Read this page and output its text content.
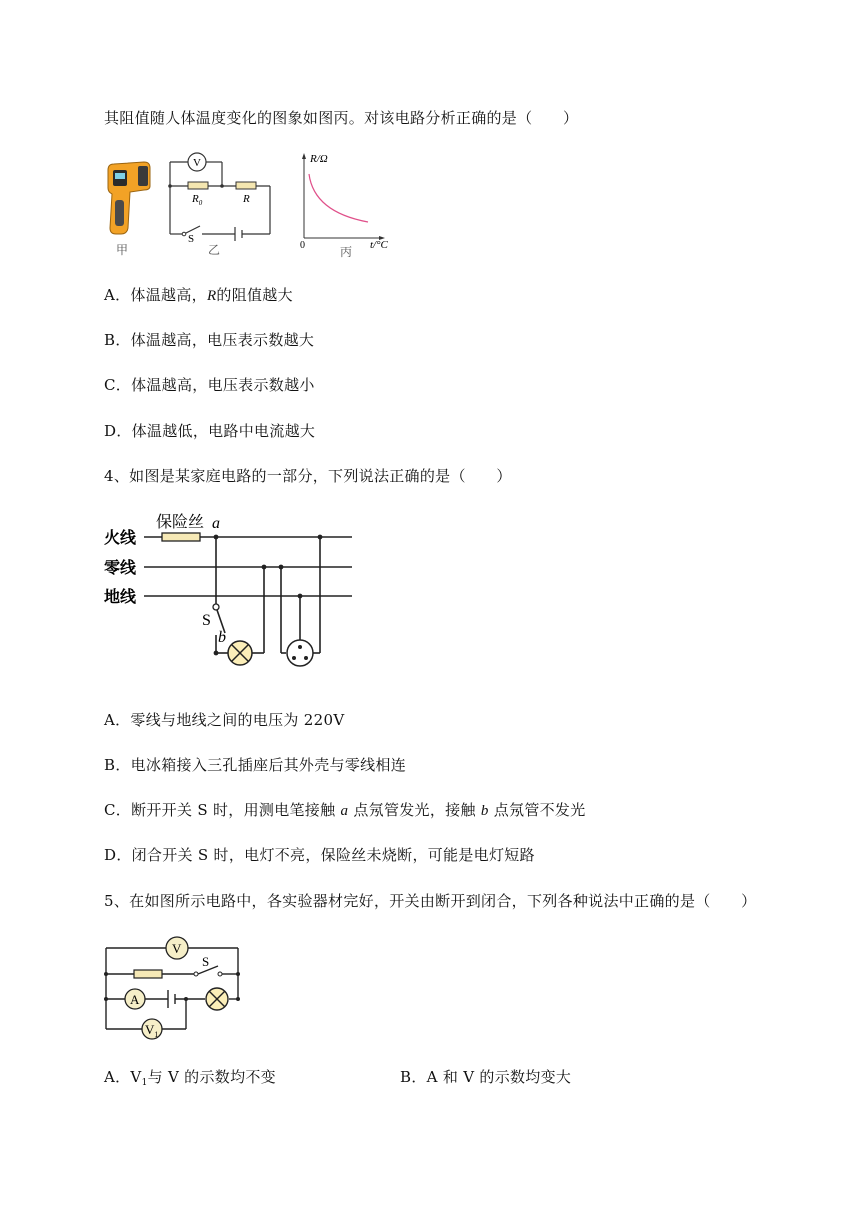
其阻值随人体温度变化的图象如图丙。对该电路分析正确的是（　　）
甲
V
$R_0$	R
S
乙
R/Ω
0	t/°C
丙
A．体温越高，R的阻值越大
B．体温越高，电压表示数越大
C．体温越高，电压表示数越小
D．体温越低，电路中电流越大
4、如图是某家庭电路的一部分，下列说法正确的是（　　）
保险丝 a
火线
零线
地线
S
b
A．零线与地线之间的电压为 220V
B．电冰箱接入三孔插座后其外壳与零线相连
C．断开开关 S 时，用测电笔接触 a 点氖管发光，接触 b 点氖管不发光
D．闭合开关 S 时，电灯不亮，保险丝未烧断，可能是电灯短路
5、在如图所示电路中，各实验器材完好，开关由断开到闭合，下列各种说法中正确的是（　　）
V
S
A
$V_1$
A．$V_1$与 V 的示数均不变	B．A 和 V 的示数均变大
